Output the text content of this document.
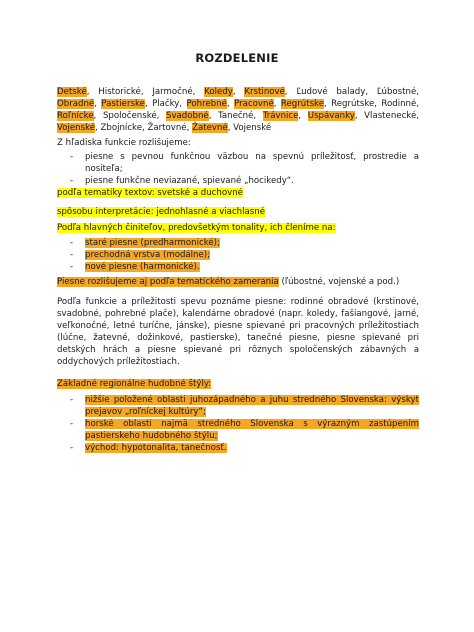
ROZDELENIE
Detské, Historické, Jarmočné, Koledy, Krstinové, Ľudové balady, Ľúbostné, Obradné, Pastierske, Plačky, Pohrebné, Pracovné, Regrútske, Regrútske, Rodinné, Roľnícke, Spoločenské, Svadobné, Tanečné, Trávnice, Uspávanky, Vlastenecké, Vojenské, Zbojnícke, Žartovné, Žatevné, Vojenské
Z hľadiska funkcie rozlišujeme:
- piesne s pevnou funkčnou väzbou na spevnú príležitosť, prostredie a nositeľa;
- piesne funkčne neviazané, spievané „hocikedy“.
podľa tematiky textov: svetské a duchovné
spôsobu interpretácie: jednohlasné a viachlasné
Podľa hlavných činiteľov, predovšetkým tonality, ich členíme na:
- staré piesne (predharmonické);
- prechodná vrstva (modálne);
- nové piesne (harmonické).
Piesne rozlišujeme aj podľa tematického zamerania (ľúbostné, vojenské a pod.)
Podľa funkcie a príležitosti spevu poznáme piesne: rodinné obradové (krstinové, svadobné, pohrebné plače), kalendárne obradové (napr. koledy, fašiangové, jarné, veľkonočné, letné turíčne, jánske), piesne spievané pri pracovných príležitostiach (lúčne, žatevné, dožinkové, pastierske), tanečné piesne, piesne spievané pri detských hrách a piesne spievané pri rôznych spoločenských zábavných a oddychových príležitostiach.
Základné regionálne hudobné štýly:
- nižšie položené oblasti juhozápadného a juhu stredného Slovenska: výskyt prejavov „roľníckej kultúry“;
- horské oblasti najmä stredného Slovenska s výrazným zastúpením pastierskeho hudobného štýlu;
- východ: hypotonalita, tanečnosť.
